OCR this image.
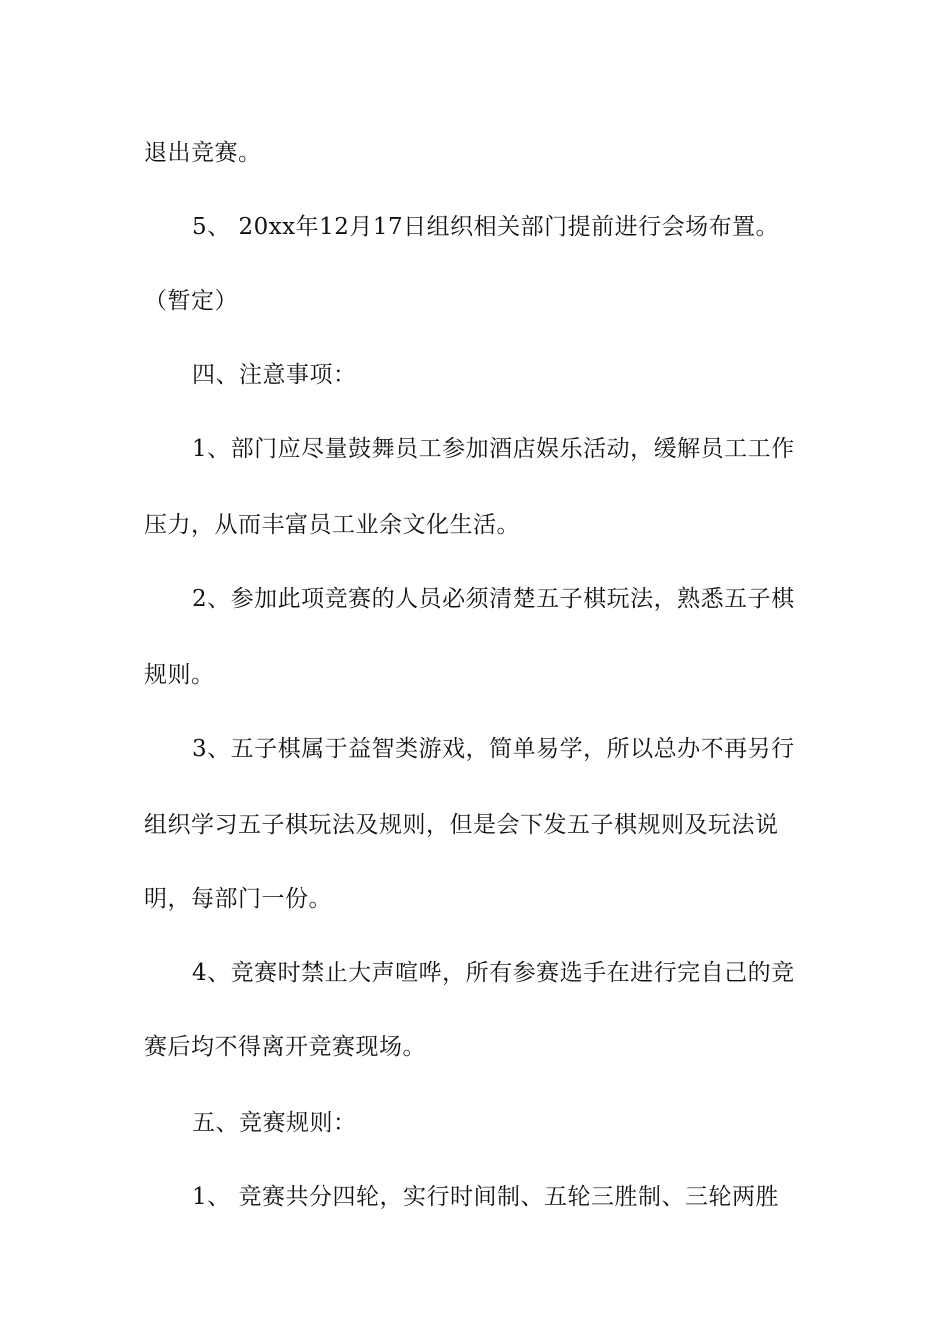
退出竞赛。
5、 20xx年12月17日组织相关部门提前进行会场布置。
（暂定）
四、注意事项：
1、部门应尽量鼓舞员工参加酒店娱乐活动，缓解员工工作
压力，从而丰富员工业余文化生活。
2、参加此项竞赛的人员必须清楚五子棋玩法，熟悉五子棋
规则。
3、五子棋属于益智类游戏，简单易学，所以总办不再另行
组织学习五子棋玩法及规则，但是会下发五子棋规则及玩法说
明，每部门一份。
4、竞赛时禁止大声喧哗，所有参赛选手在进行完自己的竞
赛后均不得离开竞赛现场。
五、竞赛规则：
1、 竞赛共分四轮，实行时间制、五轮三胜制、三轮两胜
